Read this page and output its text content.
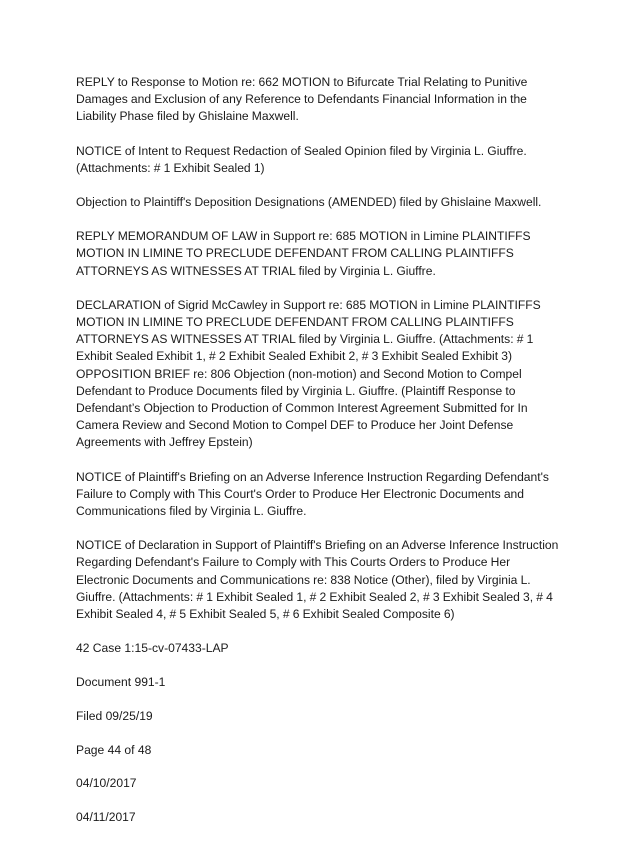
REPLY to Response to Motion re: 662 MOTION to Bifurcate Trial Relating to Punitive Damages and Exclusion of any Reference to Defendants Financial Information in the Liability Phase filed by Ghislaine Maxwell.

NOTICE of Intent to Request Redaction of Sealed Opinion filed by Virginia L. Giuffre. (Attachments: # 1 Exhibit Sealed 1)

Objection to Plaintiff's Deposition Designations (AMENDED) filed by Ghislaine Maxwell.

REPLY MEMORANDUM OF LAW in Support re: 685 MOTION in Limine PLAINTIFFS MOTION IN LIMINE TO PRECLUDE DEFENDANT FROM CALLING PLAINTIFFS ATTORNEYS AS WITNESSES AT TRIAL filed by Virginia L. Giuffre.

DECLARATION of Sigrid McCawley in Support re: 685 MOTION in Limine PLAINTIFFS MOTION IN LIMINE TO PRECLUDE DEFENDANT FROM CALLING PLAINTIFFS ATTORNEYS AS WITNESSES AT TRIAL filed by Virginia L. Giuffre. (Attachments: # 1 Exhibit Sealed Exhibit 1, # 2 Exhibit Sealed Exhibit 2, # 3 Exhibit Sealed Exhibit 3) OPPOSITION BRIEF re: 806 Objection (non-motion) and Second Motion to Compel Defendant to Produce Documents filed by Virginia L. Giuffre. (Plaintiff Response to Defendant’s Objection to Production of Common Interest Agreement Submitted for In Camera Review and Second Motion to Compel DEF to Produce her Joint Defense Agreements with Jeffrey Epstein)

NOTICE of Plaintiff's Briefing on an Adverse Inference Instruction Regarding Defendant's Failure to Comply with This Court's Order to Produce Her Electronic Documents and Communications filed by Virginia L. Giuffre.

NOTICE of Declaration in Support of Plaintiff's Briefing on an Adverse Inference Instruction Regarding Defendant's Failure to Comply with This Courts Orders to Produce Her Electronic Documents and Communications re: 838 Notice (Other), filed by Virginia L. Giuffre. (Attachments: # 1 Exhibit Sealed 1, # 2 Exhibit Sealed 2, # 3 Exhibit Sealed 3, # 4 Exhibit Sealed 4, # 5 Exhibit Sealed 5, # 6 Exhibit Sealed Composite 6)

42 Case 1:15-cv-07433-LAP

Document 991-1

Filed 09/25/19

Page 44 of 48

04/10/2017

04/11/2017
